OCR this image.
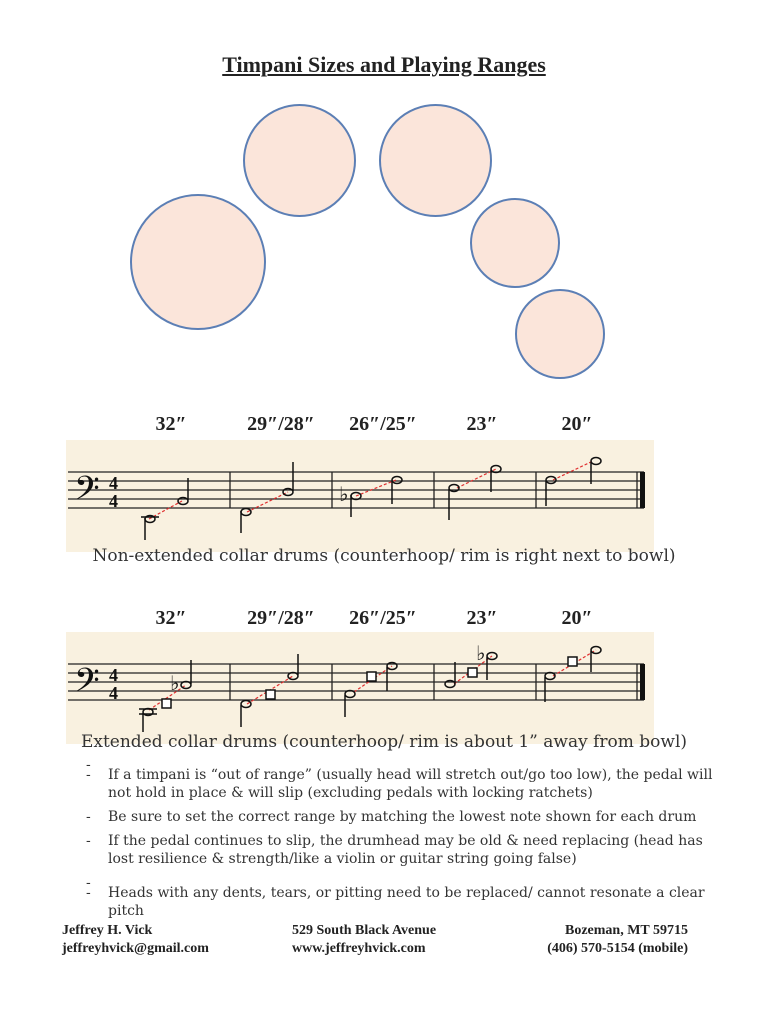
Timpani Sizes and Playing Ranges
32″	29″/28″ 26″/25″ 23″	20″
𝄢 4
4	♭
Non-extended collar drums (counterhoop/ rim is right next to bowl)
32″	29″/28″ 26″/25″ 23″	20″
𝄢 4
4	♭
♭
Extended collar drums (counterhoop/ rim is about 1” away from bowl)
-
- If a timpani is “out of range” (usually head will stretch out/go too low), the pedal will not hold in place & will slip (excluding pedals with locking ratchets)
- Be sure to set the correct range by matching the lowest note shown for each drum
- If the pedal continues to slip, the drumhead may be old & need replacing (head has lost resilience & strength/like a violin or guitar string going false)
-
- Heads with any dents, tears, or pitting need to be replaced/ cannot resonate a clear pitch
Jeffrey H. Vick
jeffreyhvick@gmail.com
529 South Black Avenue
www.jeffreyhvick.com
Bozeman, MT 59715
(406) 570-5154 (mobile)
